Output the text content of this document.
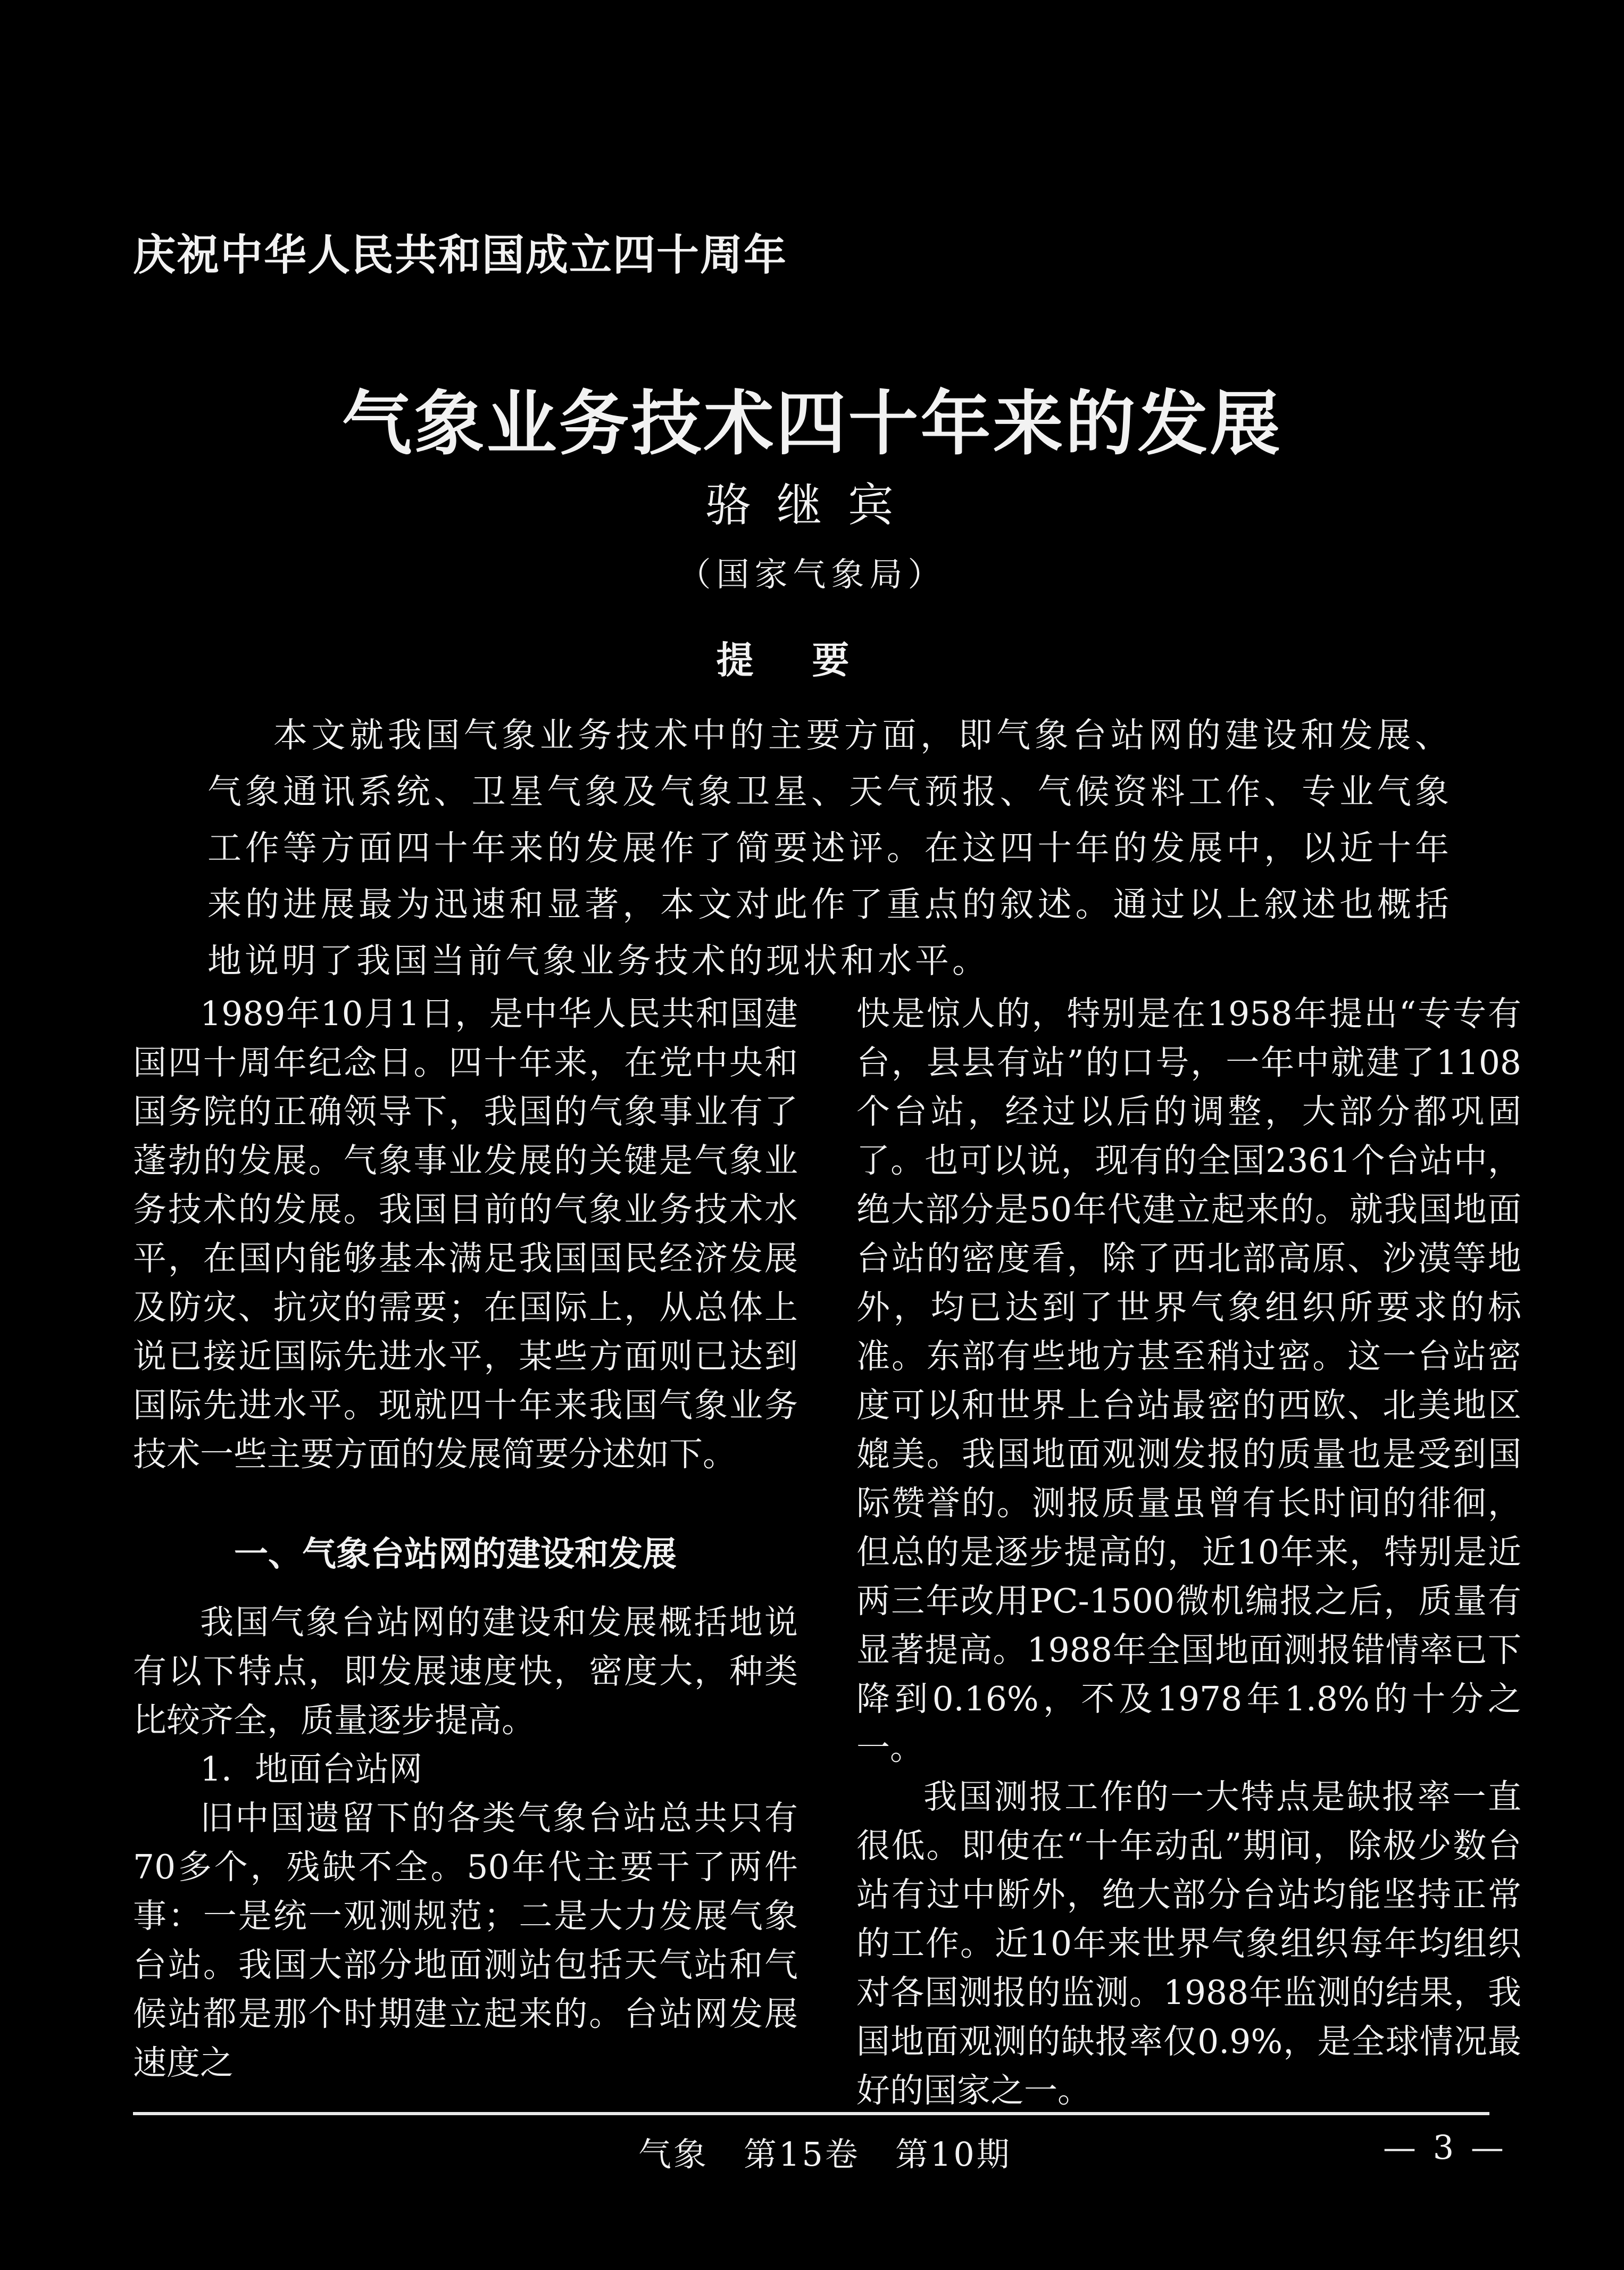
庆祝中华人民共和国成立四十周年
气象业务技术四十年来的发展
骆继宾
（国家气象局）
提要
本文就我国气象业务技术中的主要方面，即气象台站网的建设和发展、气象通讯系统、卫星气象及气象卫星、天气预报、气候资料工作、专业气象工作等方面四十年来的发展作了简要述评。在这四十年的发展中，以近十年来的进展最为迅速和显著，本文对此作了重点的叙述。通过以上叙述也概括地说明了我国当前气象业务技术的现状和水平。

1989年10月1日，是中华人民共和国建国四十周年纪念日。四十年来，在党中央和国务院的正确领导下，我国的气象事业有了蓬勃的发展。气象事业发展的关键是气象业务技术的发展。我国目前的气象业务技术水平，在国内能够基本满足我国国民经济发展及防灾、抗灾的需要；在国际上，从总体上说已接近国际先进水平，某些方面则已达到国际先进水平。现就四十年来我国气象业务技术一些主要方面的发展简要分述如下。

一、气象台站网的建设和发展

我国气象台站网的建设和发展概括地说有以下特点，即发展速度快，密度大，种类比较齐全，质量逐步提高。

1．地面台站网

旧中国遗留下的各类气象台站总共只有70多个，残缺不全。50年代主要干了两件事：一是统一观测规范；二是大力发展气象台站。我国大部分地面测站包括天气站和气候站都是那个时期建立起来的。台站网发展速度之

快是惊人的，特别是在1958年提出“专专有台，县县有站”的口号，一年中就建了1108个台站，经过以后的调整，大部分都巩固了。也可以说，现有的全国2361个台站中，绝大部分是50年代建立起来的。就我国地面台站的密度看，除了西北部高原、沙漠等地外，均已达到了世界气象组织所要求的标准。东部有些地方甚至稍过密。这一台站密度可以和世界上台站最密的西欧、北美地区媲美。我国地面观测发报的质量也是受到国际赞誉的。测报质量虽曾有长时间的徘徊，但总的是逐步提高的，近10年来，特别是近两三年改用PC-1500微机编报之后，质量有显著提高。1988年全国地面测报错情率已下降到0.16%，不及1978年1.8%的十分之一。

我国测报工作的一大特点是缺报率一直很低。即使在“十年动乱”期间，除极少数台站有过中断外，绝大部分台站均能坚持正常的工作。近10年来世界气象组织每年均组织对各国测报的监测。1988年监测的结果，我国地面观测的缺报率仅0.9%，是全球情况最好的国家之一。

气象　第15卷　第10期	— 3 —
